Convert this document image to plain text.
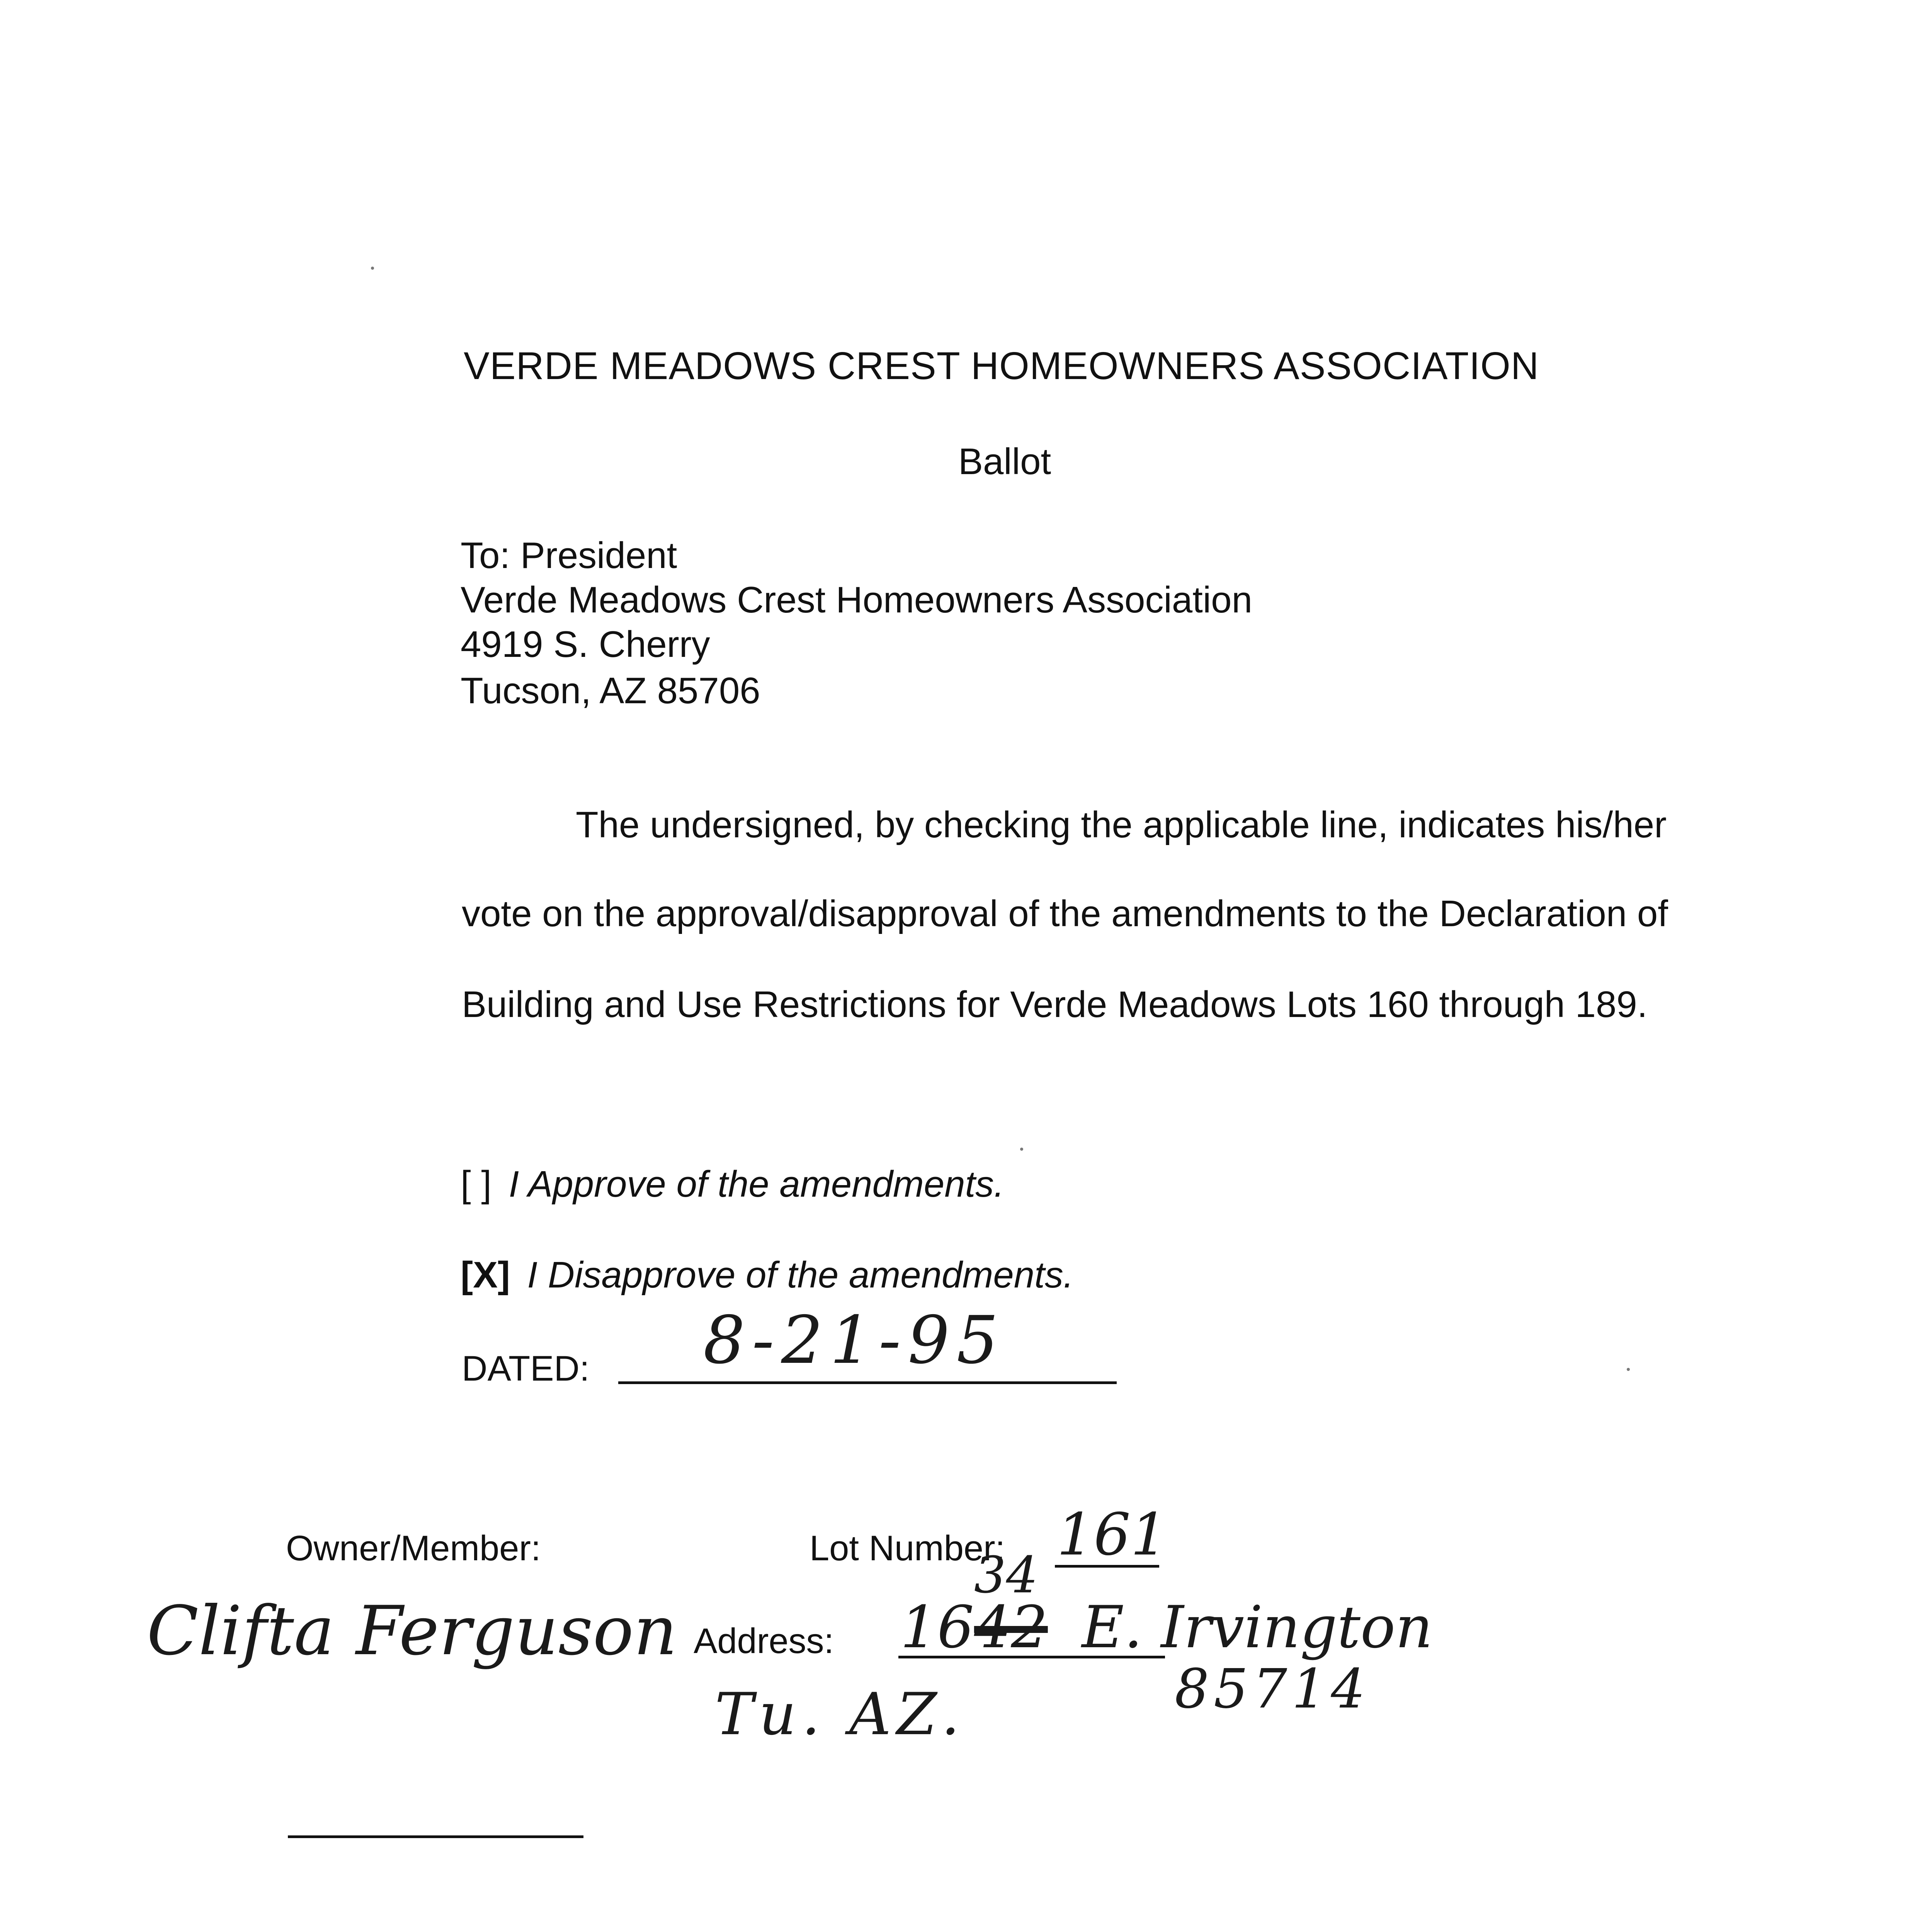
VERDE MEADOWS CREST HOMEOWNERS ASSOCIATION
Ballot
To: President
Verde Meadows Crest Homeowners Association
4919 S. Cherry
Tucson, AZ 85706
The undersigned, by checking the applicable line, indicates his/her
vote on the approval/disapproval of the amendments to the Declaration of
Building and Use Restrictions for Verde Meadows Lots 160 through 189.
[ ] I Approve of the amendments.
[X] I Disapprove of the amendments.
DATED: 8-21-95
Owner/Member:	Lot Number: 161
Clifta Ferguson Address: 1642
34
E. Irvington
Tu. AZ.	85714
